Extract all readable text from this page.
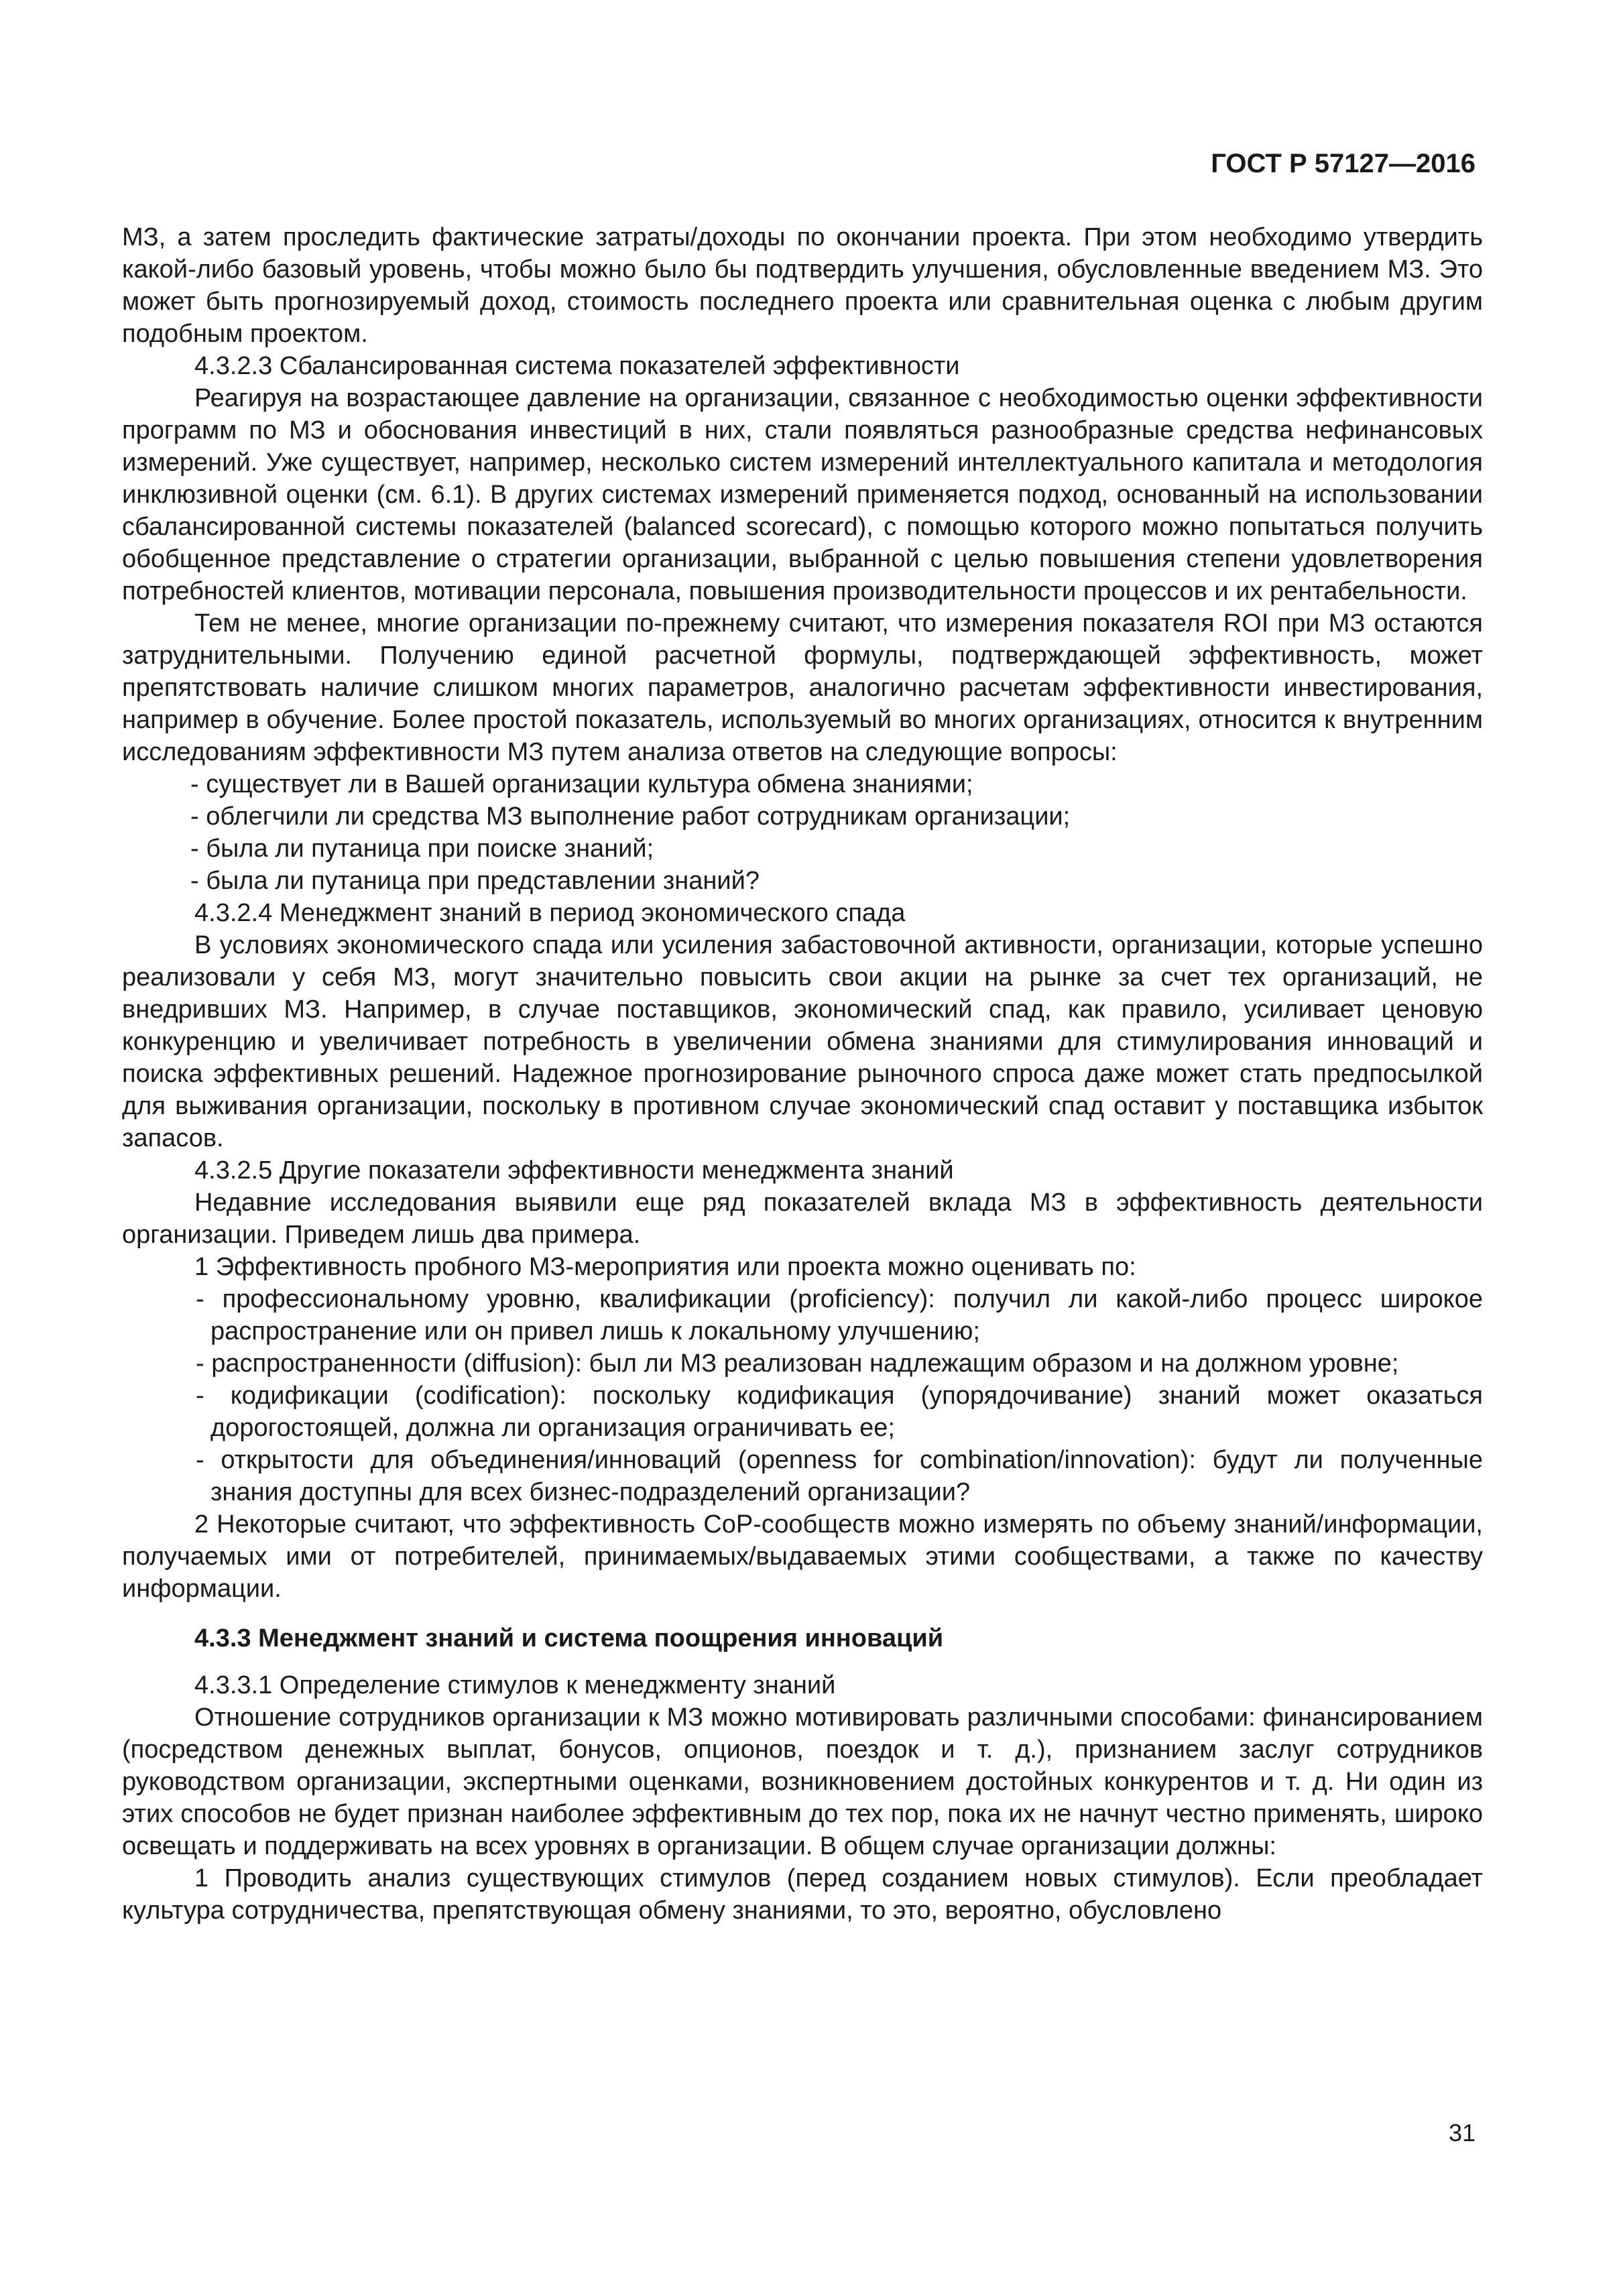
ГОСТ Р 57127—2016

МЗ, а затем проследить фактические затраты/доходы по окончании проекта. При этом необходимо утвердить какой-либо базовый уровень, чтобы можно было бы подтвердить улучшения, обусловленные введением МЗ. Это может быть прогнозируемый доход, стоимость последнего проекта или сравнительная оценка с любым другим подобным проектом.

4.3.2.3 Сбалансированная система показателей эффективности

Реагируя на возрастающее давление на организации, связанное с необходимостью оценки эффективности программ по МЗ и обоснования инвестиций в них, стали появляться разнообразные средства нефинансовых измерений. Уже существует, например, несколько систем измерений интеллектуального капитала и методология инклюзивной оценки (см. 6.1). В других системах измерений применяется подход, основанный на использовании сбалансированной системы показателей (balanced scorecard), с помощью которого можно попытаться получить обобщенное представление о стратегии организации, выбранной с целью повышения степени удовлетворения потребностей клиентов, мотивации персонала, повышения производительности процессов и их рентабельности.

Тем не менее, многие организации по-прежнему считают, что измерения показателя ROI при МЗ остаются затруднительными. Получению единой расчетной формулы, подтверждающей эффективность, может препятствовать наличие слишком многих параметров, аналогично расчетам эффективности инвестирования, например в обучение. Более простой показатель, используемый во многих организациях, относится к внутренним исследованиям эффективности МЗ путем анализа ответов на следующие вопросы:

- существует ли в Вашей организации культура обмена знаниями;

- облегчили ли средства МЗ выполнение работ сотрудникам организации;

- была ли путаница при поиске знаний;

- была ли путаница при представлении знаний?

4.3.2.4 Менеджмент знаний в период экономического спада

В условиях экономического спада или усиления забастовочной активности, организации, которые успешно реализовали у себя МЗ, могут значительно повысить свои акции на рынке за счет тех организаций, не внедривших МЗ. Например, в случае поставщиков, экономический спад, как правило, усиливает ценовую конкуренцию и увеличивает потребность в увеличении обмена знаниями для стимулирования инноваций и поиска эффективных решений. Надежное прогнозирование рыночного спроса даже может стать предпосылкой для выживания организации, поскольку в противном случае экономический спад оставит у поставщика избыток запасов.

4.3.2.5 Другие показатели эффективности менеджмента знаний

Недавние исследования выявили еще ряд показателей вклада МЗ в эффективность деятельности организации. Приведем лишь два примера.

1 Эффективность пробного МЗ-мероприятия или проекта можно оценивать по:

- профессиональному уровню, квалификации (proficiency): получил ли какой-либо процесс широкое распространение или он привел лишь к локальному улучшению;

- распространенности (diffusion): был ли МЗ реализован надлежащим образом и на должном уровне;

- кодификации (codification): поскольку кодификация (упорядочивание) знаний может оказаться дорогостоящей, должна ли организация ограничивать ее;

- открытости для объединения/инноваций (openness for combination/innovation): будут ли полученные знания доступны для всех бизнес-подразделений организации?

2 Некоторые считают, что эффективность CoP-сообществ можно измерять по объему знаний/информации, получаемых ими от потребителей, принимаемых/выдаваемых этими сообществами, а также по качеству информации.

4.3.3 Менеджмент знаний и система поощрения инноваций

4.3.3.1 Определение стимулов к менеджменту знаний

Отношение сотрудников организации к МЗ можно мотивировать различными способами: финансированием (посредством денежных выплат, бонусов, опционов, поездок и т. д.), признанием заслуг сотрудников руководством организации, экспертными оценками, возникновением достойных конкурентов и т. д. Ни один из этих способов не будет признан наиболее эффективным до тех пор, пока их не начнут честно применять, широко освещать и поддерживать на всех уровнях в организации. В общем случае организации должны:

1 Проводить анализ существующих стимулов (перед созданием новых стимулов). Если преобладает культура сотрудничества, препятствующая обмену знаниями, то это, вероятно, обусловлено

31
